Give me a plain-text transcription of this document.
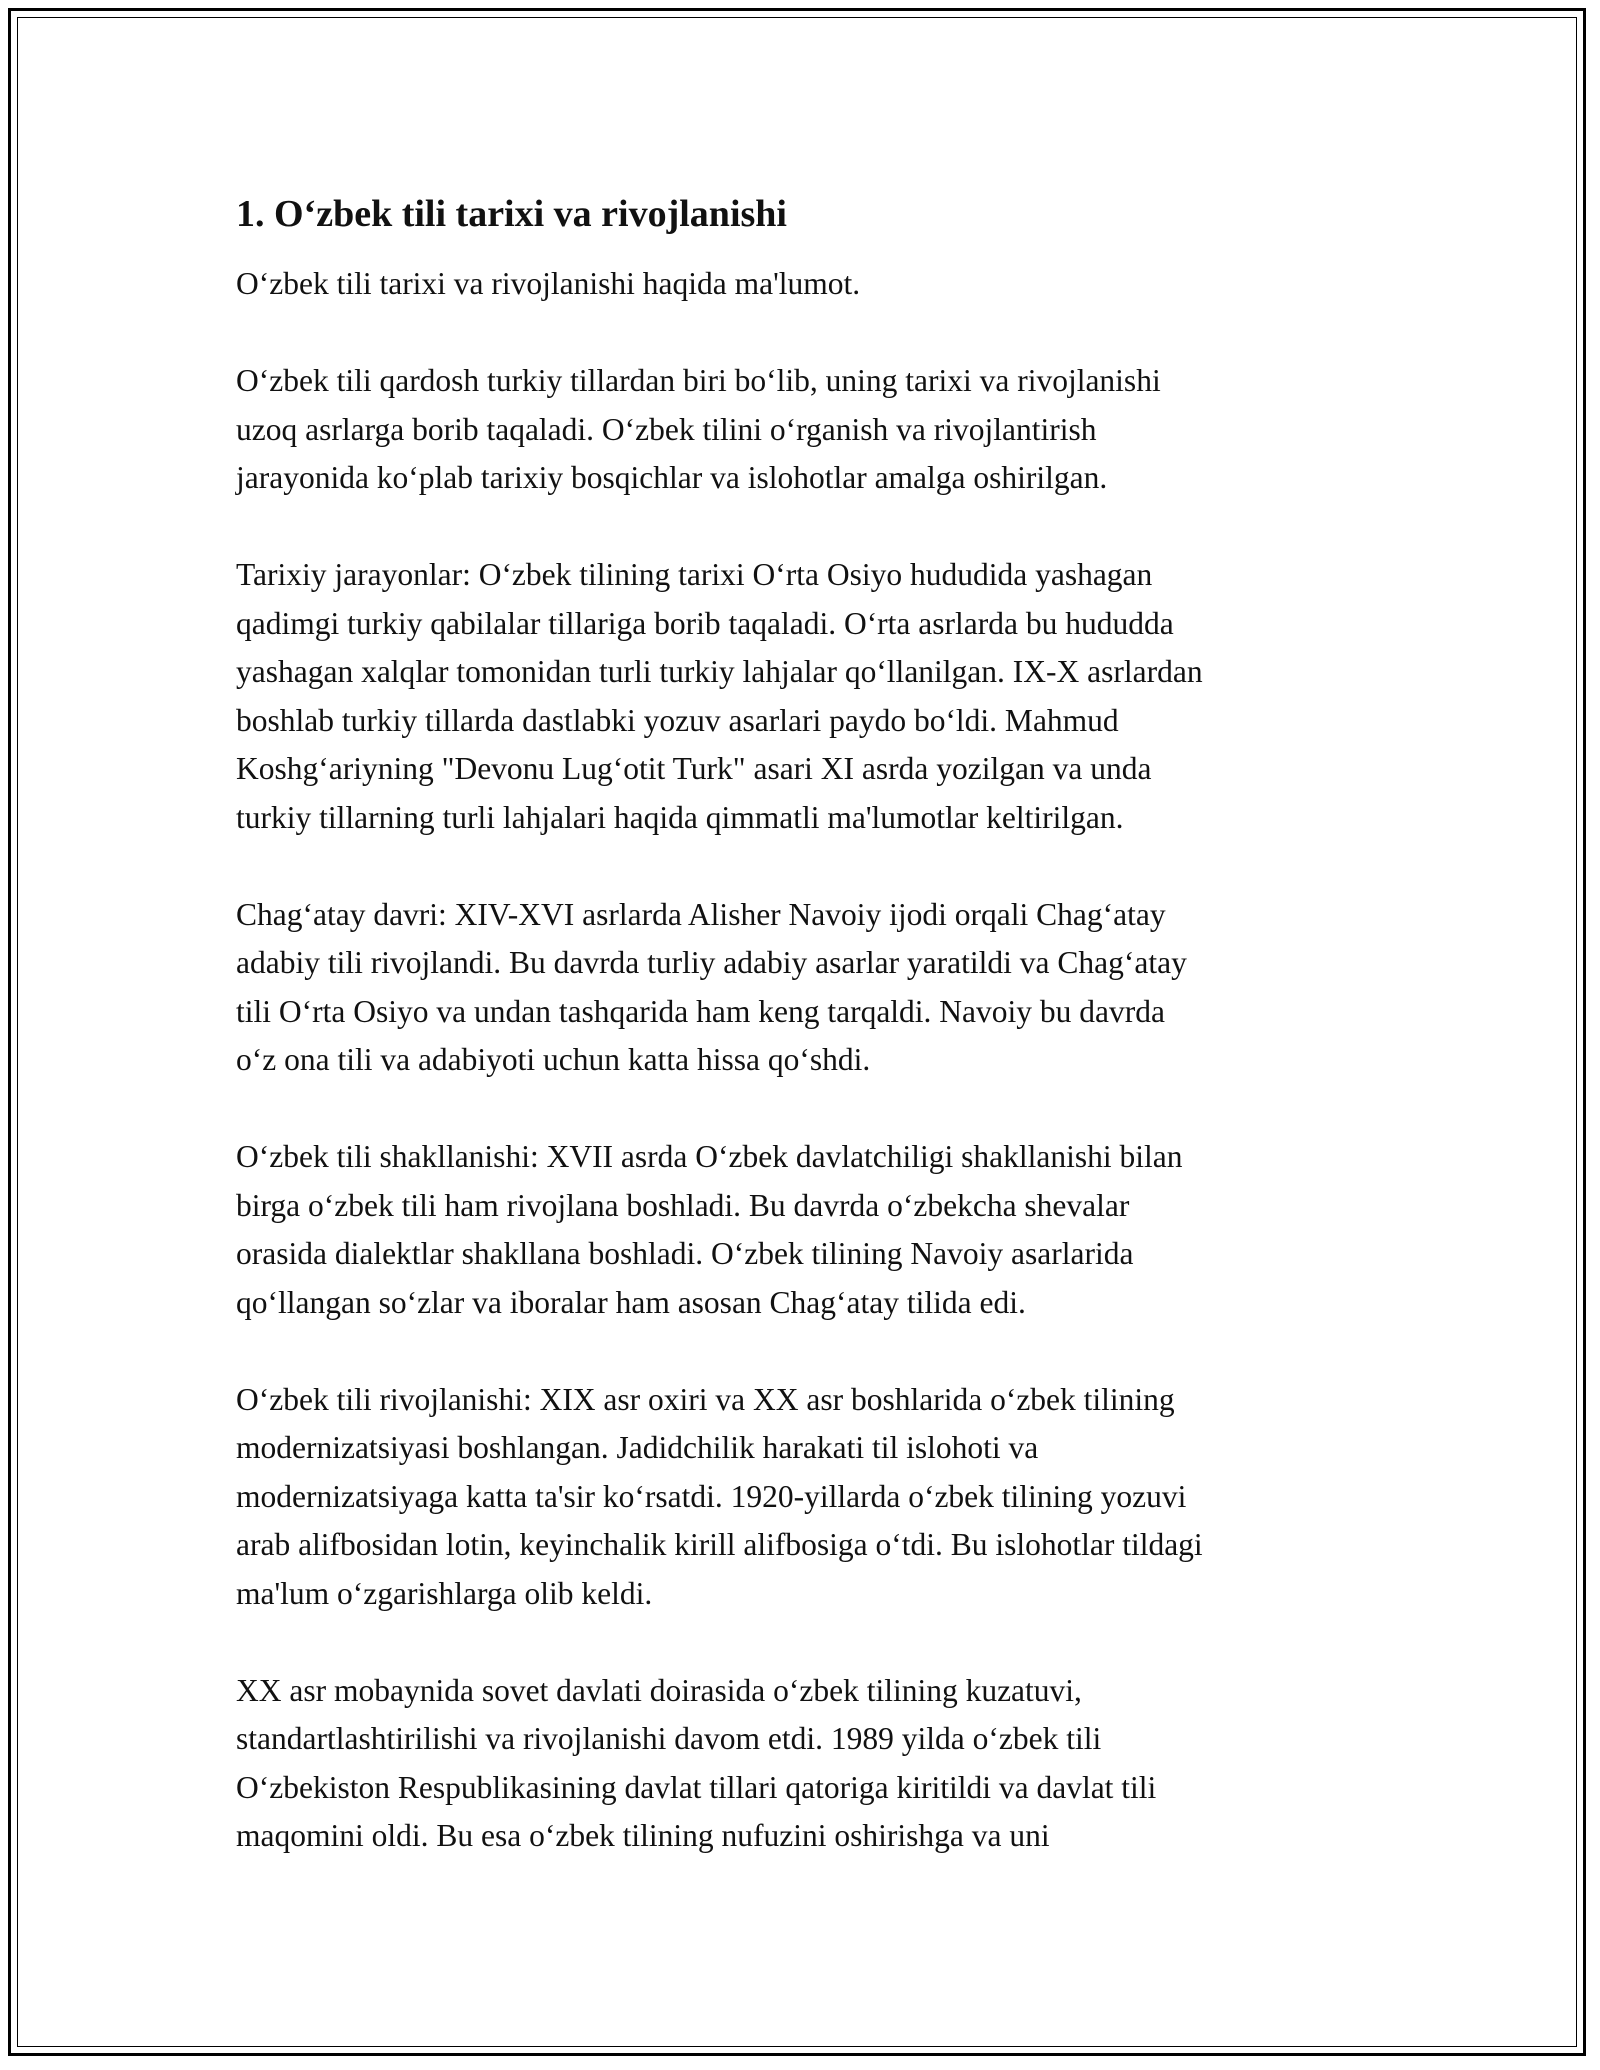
1. O‘zbek tili tarixi va rivojlanishi
O‘zbek tili tarixi va rivojlanishi haqida ma'lumot.
O‘zbek tili qardosh turkiy tillardan biri bo‘lib, uning tarixi va rivojlanishi
uzoq asrlarga borib taqaladi. O‘zbek tilini o‘rganish va rivojlantirish
jarayonida ko‘plab tarixiy bosqichlar va islohotlar amalga oshirilgan.
Tarixiy jarayonlar: O‘zbek tilining tarixi O‘rta Osiyo hududida yashagan
qadimgi turkiy qabilalar tillariga borib taqaladi. O‘rta asrlarda bu hududda
yashagan xalqlar tomonidan turli turkiy lahjalar qo‘llanilgan. IX-X asrlardan
boshlab turkiy tillarda dastlabki yozuv asarlari paydo bo‘ldi. Mahmud
Koshg‘ariyning "Devonu Lug‘otit Turk" asari XI asrda yozilgan va unda
turkiy tillarning turli lahjalari haqida qimmatli ma'lumotlar keltirilgan.
Chag‘atay davri: XIV-XVI asrlarda Alisher Navoiy ijodi orqali Chag‘atay
adabiy tili rivojlandi. Bu davrda turliy adabiy asarlar yaratildi va Chag‘atay
tili O‘rta Osiyo va undan tashqarida ham keng tarqaldi. Navoiy bu davrda
o‘z ona tili va adabiyoti uchun katta hissa qo‘shdi.
O‘zbek tili shakllanishi: XVII asrda O‘zbek davlatchiligi shakllanishi bilan
birga o‘zbek tili ham rivojlana boshladi. Bu davrda o‘zbekcha shevalar
orasida dialektlar shakllana boshladi. O‘zbek tilining Navoiy asarlarida
qo‘llangan so‘zlar va iboralar ham asosan Chag‘atay tilida edi.
O‘zbek tili rivojlanishi: XIX asr oxiri va XX asr boshlarida o‘zbek tilining
modernizatsiyasi boshlangan. Jadidchilik harakati til islohoti va
modernizatsiyaga katta ta'sir ko‘rsatdi. 1920-yillarda o‘zbek tilining yozuvi
arab alifbosidan lotin, keyinchalik kirill alifbosiga o‘tdi. Bu islohotlar tildagi
ma'lum o‘zgarishlarga olib keldi.
XX asr mobaynida sovet davlati doirasida o‘zbek tilining kuzatuvi,
standartlashtirilishi va rivojlanishi davom etdi. 1989 yilda o‘zbek tili
O‘zbekiston Respublikasining davlat tillari qatoriga kiritildi va davlat tili
maqomini oldi. Bu esa o‘zbek tilining nufuzini oshirishga va uni
